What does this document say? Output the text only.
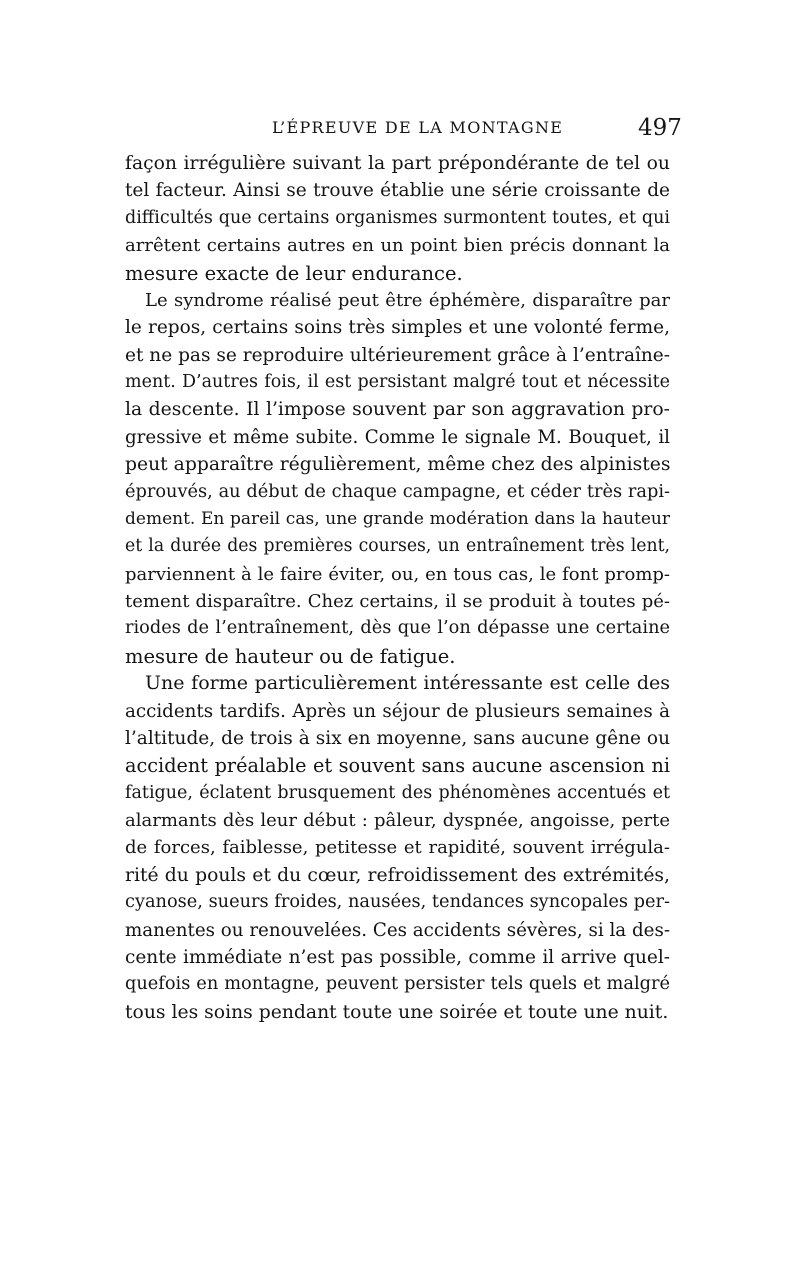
L’ÉPREUVE DE LA MONTAGNE	497
façon irrégulière suivant la part prépondérante de tel ou
tel facteur. Ainsi se trouve établie une série croissante de
difficultés que certains organismes surmontent toutes, et qui
arrêtent certains autres en un point bien précis donnant la
mesure exacte de leur endurance.
Le syndrome réalisé peut être éphémère, disparaître par
le repos, certains soins très simples et une volonté ferme,
et ne pas se reproduire ultérieurement grâce à l’entraîne-
ment. D’autres fois, il est persistant malgré tout et nécessite
la descente. Il l’impose souvent par son aggravation pro-
gressive et même subite. Comme le signale M. Bouquet, il
peut apparaître régulièrement, même chez des alpinistes
éprouvés, au début de chaque campagne, et céder très rapi-
dement. En pareil cas, une grande modération dans la hauteur
et la durée des premières courses, un entraînement très lent,
parviennent à le faire éviter, ou, en tous cas, le font promp-
tement disparaître. Chez certains, il se produit à toutes pé-
riodes de l’entraînement, dès que l’on dépasse une certaine
mesure de hauteur ou de fatigue.
Une forme particulièrement intéressante est celle des
accidents tardifs. Après un séjour de plusieurs semaines à
l’altitude, de trois à six en moyenne, sans aucune gêne ou
accident préalable et souvent sans aucune ascension ni
fatigue, éclatent brusquement des phénomènes accentués et
alarmants dès leur début : pâleur, dyspnée, angoisse, perte
de forces, faiblesse, petitesse et rapidité, souvent irrégula-
rité du pouls et du cœur, refroidissement des extrémités,
cyanose, sueurs froides, nausées, tendances syncopales per-
manentes ou renouvelées. Ces accidents sévères, si la des-
cente immédiate n’est pas possible, comme il arrive quel-
quefois en montagne, peuvent persister tels quels et malgré
tous les soins pendant toute une soirée et toute une nuit.
